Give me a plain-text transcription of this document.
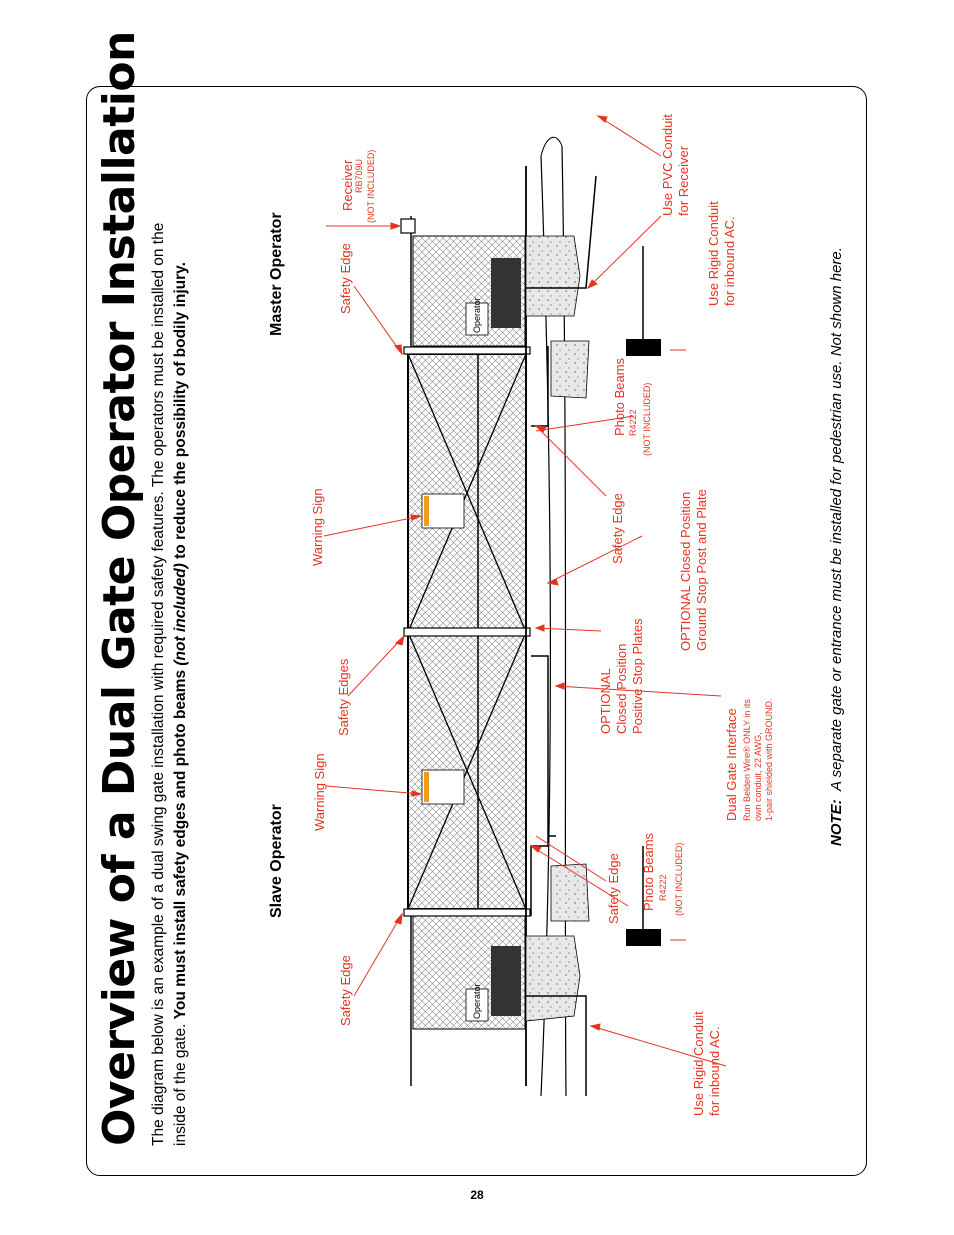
Overview of a Dual Gate Operator Installation The diagram below is an example of a dual swing gate installation with required safety features. The operators must be installed on the inside of the gate. You must install safety edges and photo beams (not included) to reduce the possibility of bodily injury.
Slave Operator
Master Operator
Operator
Operator
Safety Edge
Warning Sign
Safety Edges
Warning Sign
Safety Edge
Receiver RB709U (NOT INCLUDED)
Safety Edge Photo Beams R4222 (NOT INCLUDED)
OPTIONAL Closed Position Positive Stop Plates
Dual Gate Interface Run Belden Wire® ONLY in its own conduit, 22 AWG, 1-pair shielded with GROUND.
OPTIONAL Closed Position Ground Stop Post and Plate
Safety Edge
Photo Beams R4222 (NOT INCLUDED)
Use Rigid Conduit for inbound AC.
Use Rigid Conduit for inbound AC.
Use PVC Conduit for Receiver
NOTE:  A separate gate or entrance must be installed for pedestrian use. Not shown here.
28
